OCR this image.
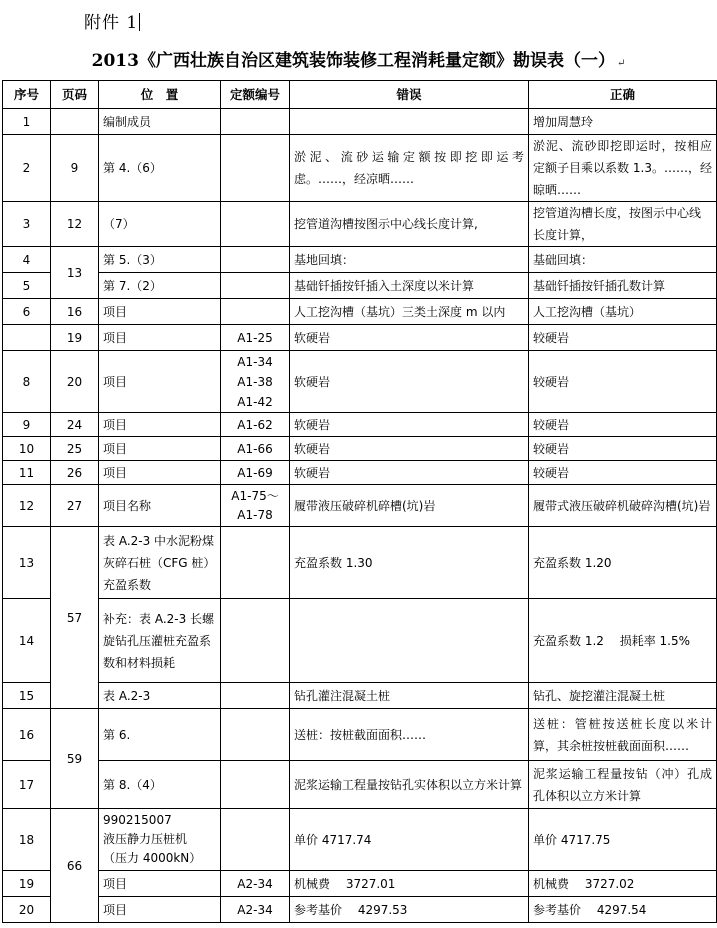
附件 1
2013《广西壮族自治区建筑装饰装修工程消耗量定额》勘误表（一） ↵
序号	页码	位　置	定额编号	错误	正确
1		编制成员			增加周慧玲
2	9	第 4.（6）		淤泥、流砂运输定额按即挖即运考虑。……，经凉晒……	淤泥、流砂即挖即运时，按相应定额子目乘以系数 1.3。……，经晾晒……
3	12	（7）		挖管道沟槽按图示中心线长度计算,	挖管道沟槽长度，按图示中心线长度计算，
4	13	第 5.（3）		基地回填：	基础回填：
5		第 7.（2）		基础钎插按钎插入土深度以米计算	基础钎插按钎插孔数计算
6	16	项目		人工挖沟槽（基坑）三类土深度 m 以内	人工挖沟槽（基坑）
	19	项目	A1-25	软硬岩	较硬岩
8	20	项目	A1-34
A1-38
A1-42	软硬岩	较硬岩
9	24	项目	A1-62	软硬岩	较硬岩
10	25	项目	A1-66	软硬岩	较硬岩
11	26	项目	A1-69	软硬岩	较硬岩
12	27	项目名称	A1-75～
A1-78	履带液压破碎机碎槽(坑)岩	履带式液压破碎机破碎沟槽(坑)岩
13	57	表 A.2-3 中水泥粉煤灰碎石桩（CFG 桩）充盈系数		充盈系数 1.30	充盈系数 1.20
14		补充：表 A.2-3 长螺旋钻孔压灌桩充盈系数和材料损耗			充盈系数 1.2　 损耗率 1.5%
15		表 A.2-3		钻孔灌注混凝土桩	钻孔、旋挖灌注混凝土桩
16	59	第 6.		送桩：按桩截面面积……	送桩：管桩按送桩长度以米计算，其余桩按桩截面面积……
17		第 8.（4）		泥浆运输工程量按钻孔实体积以立方米计算	泥浆运输工程量按钻（冲）孔成孔体积以立方米计算
18	66	990215007
液压静力压桩机
（压力 4000kN）		单价 4717.74	单价 4717.75
19		项目	A2-34	机械费　 3727.01	机械费　 3727.02
20		项目	A2-34	参考基价　 4297.53	参考基价　 4297.54
